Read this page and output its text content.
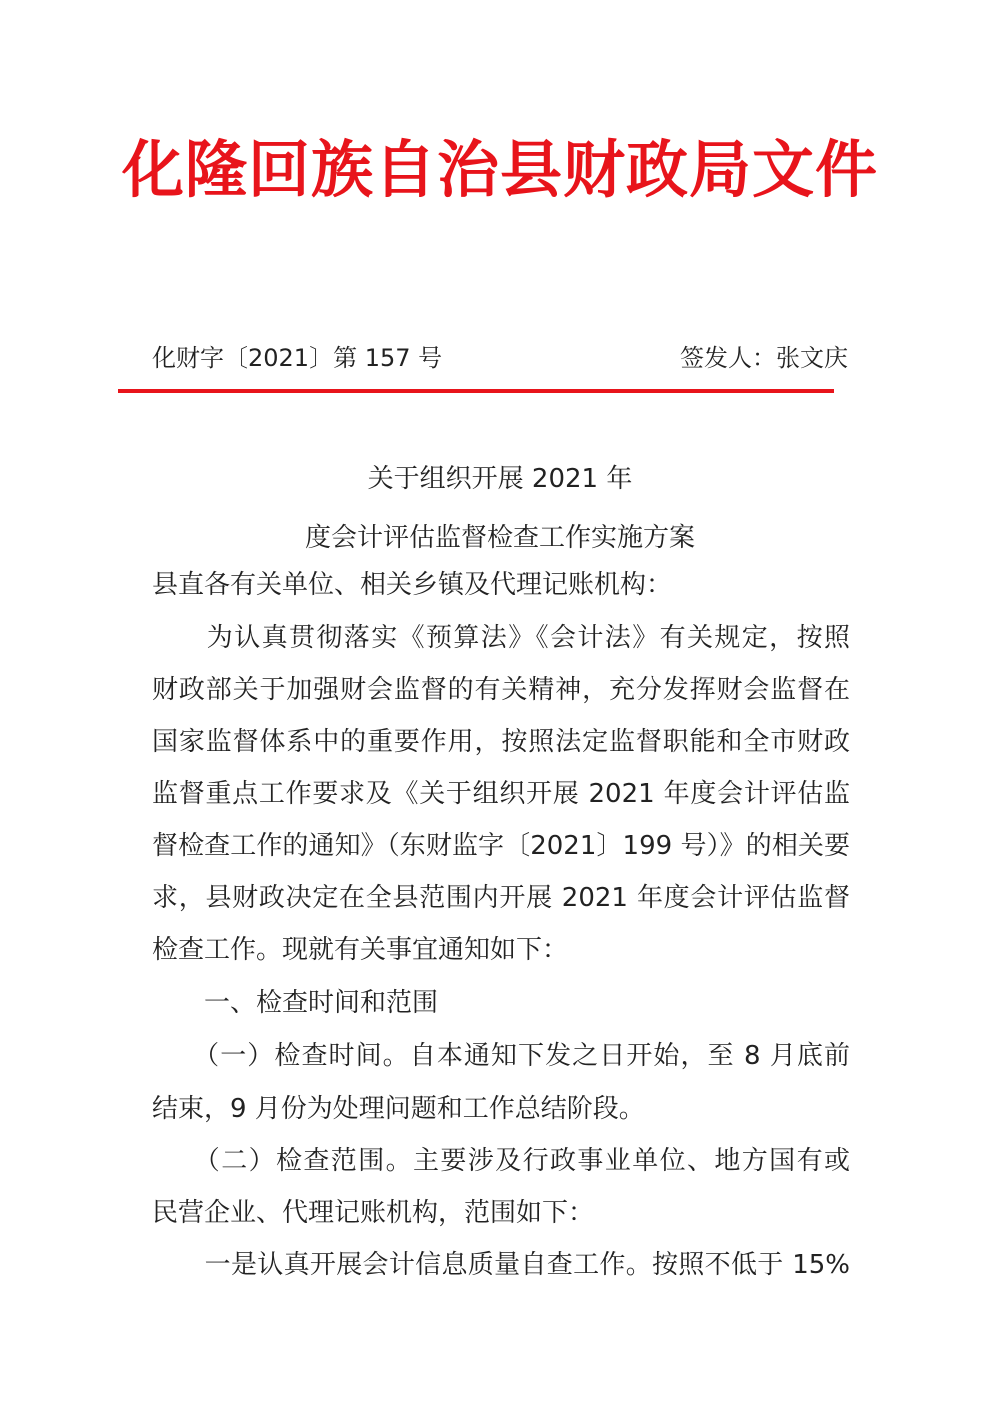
化隆回族自治县财政局文件
化财字〔2021〕第 157 号	签发人：张文庆
关于组织开展 2021 年
度会计评估监督检查工作实施方案
县直各有关单位、相关乡镇及代理记账机构：
　　为认真贯彻落实《预算法》《会计法》有关规定，按照
财政部关于加强财会监督的有关精神，充分发挥财会监督在
国家监督体系中的重要作用，按照法定监督职能和全市财政
监督重点工作要求及《关于组织开展 2021 年度会计评估监
督检查工作的通知》（东财监字〔2021〕199 号）》的相关要
求，县财政决定在全县范围内开展 2021 年度会计评估监督
检查工作。现就有关事宜通知如下：
　　一、检查时间和范围
　　（一）检查时间。自本通知下发之日开始，至 8 月底前
结束，9 月份为处理问题和工作总结阶段。
　　（二）检查范围。主要涉及行政事业单位、地方国有或
民营企业、代理记账机构，范围如下：
　　一是认真开展会计信息质量自查工作。按照不低于 15%
